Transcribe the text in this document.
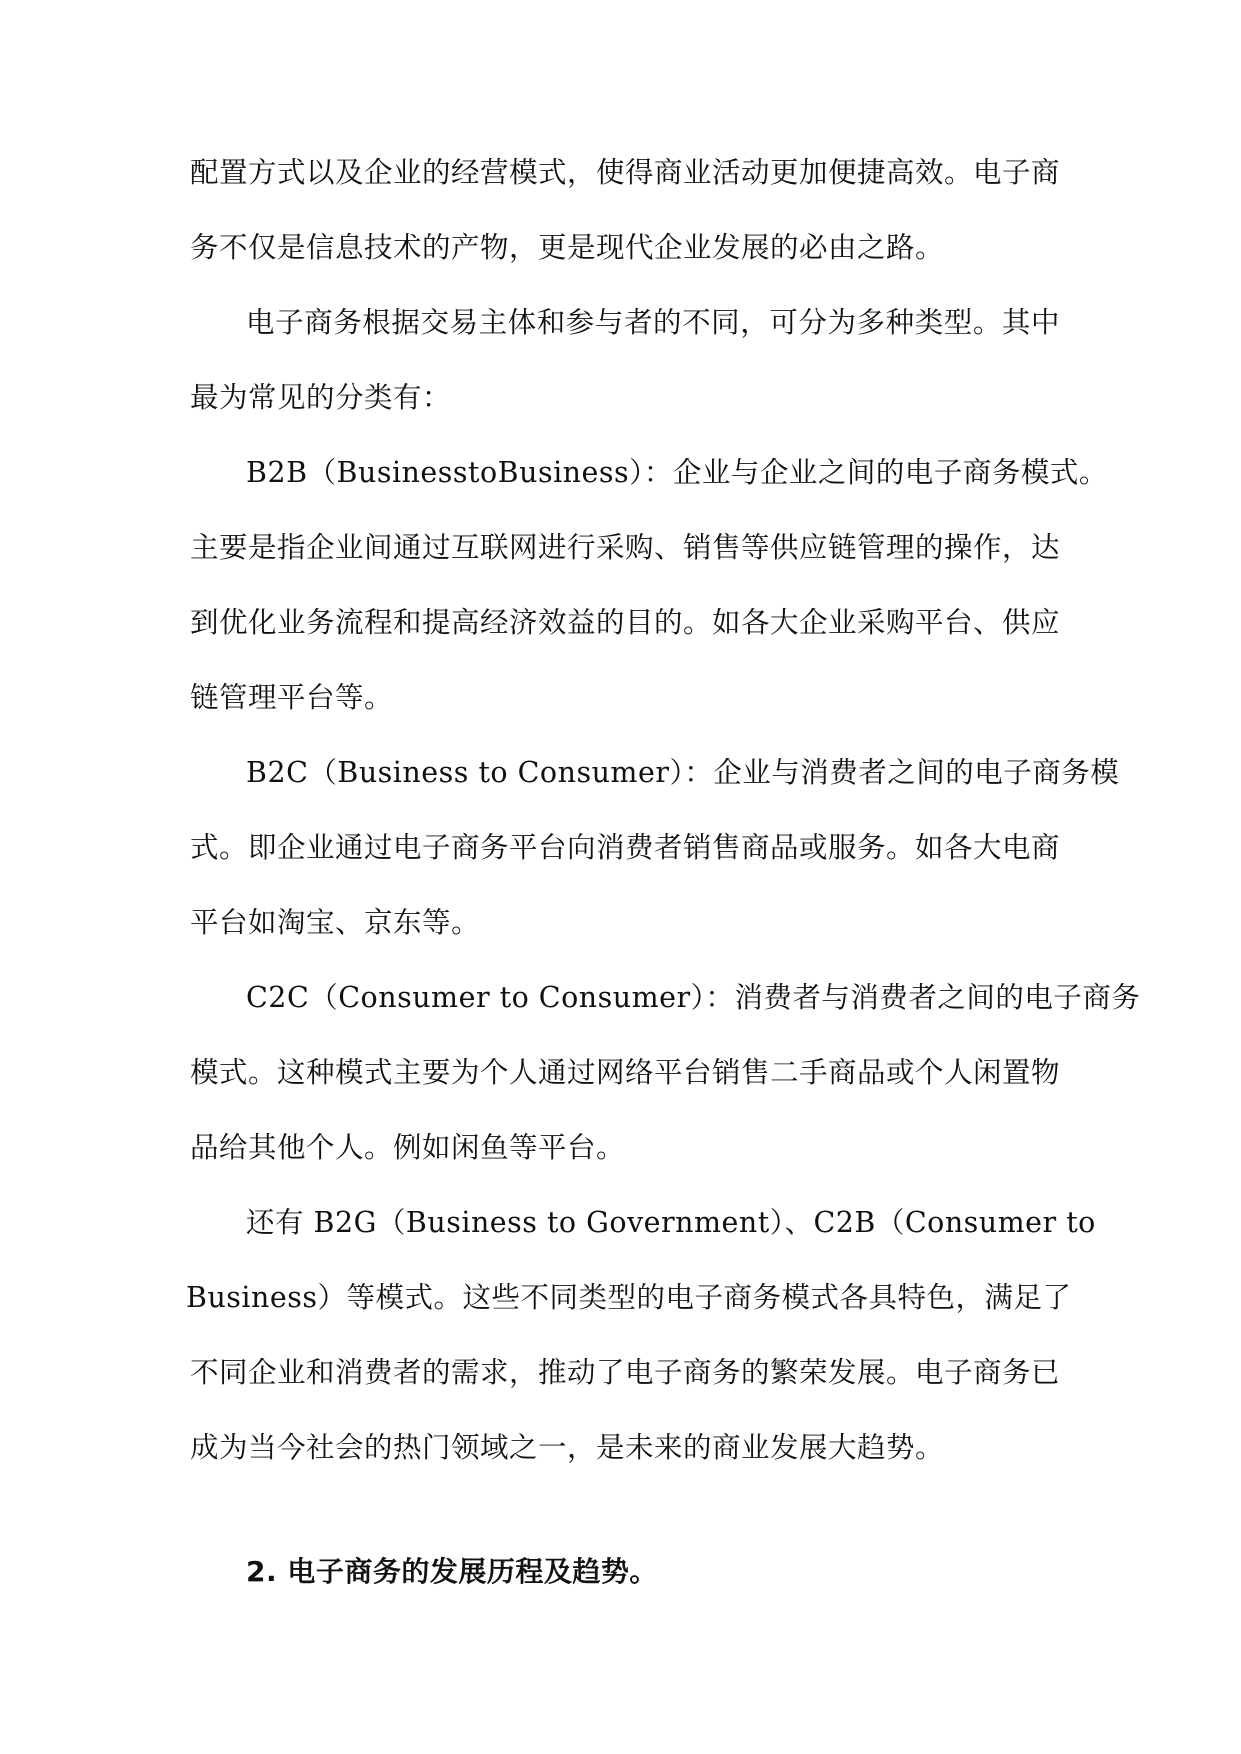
配置方式以及企业的经营模式，使得商业活动更加便捷高效。电子商
务不仅是信息技术的产物，更是现代企业发展的必由之路。
电子商务根据交易主体和参与者的不同，可分为多种类型。其中
最为常见的分类有：
B2B（BusinesstoBusiness）：企业与企业之间的电子商务模式。
主要是指企业间通过互联网进行采购、销售等供应链管理的操作，达
到优化业务流程和提高经济效益的目的。如各大企业采购平台、供应
链管理平台等。
B2C（Business to Consumer）：企业与消费者之间的电子商务模
式。即企业通过电子商务平台向消费者销售商品或服务。如各大电商
平台如淘宝、京东等。
C2C（Consumer to Consumer）：消费者与消费者之间的电子商务
模式。这种模式主要为个人通过网络平台销售二手商品或个人闲置物
品给其他个人。例如闲鱼等平台。
还有 B2G（Business to Government）、C2B（Consumer to
Business）等模式。这些不同类型的电子商务模式各具特色，满足了
不同企业和消费者的需求，推动了电子商务的繁荣发展。电子商务已
成为当今社会的热门领域之一，是未来的商业发展大趋势。
2. 电子商务的发展历程及趋势。
